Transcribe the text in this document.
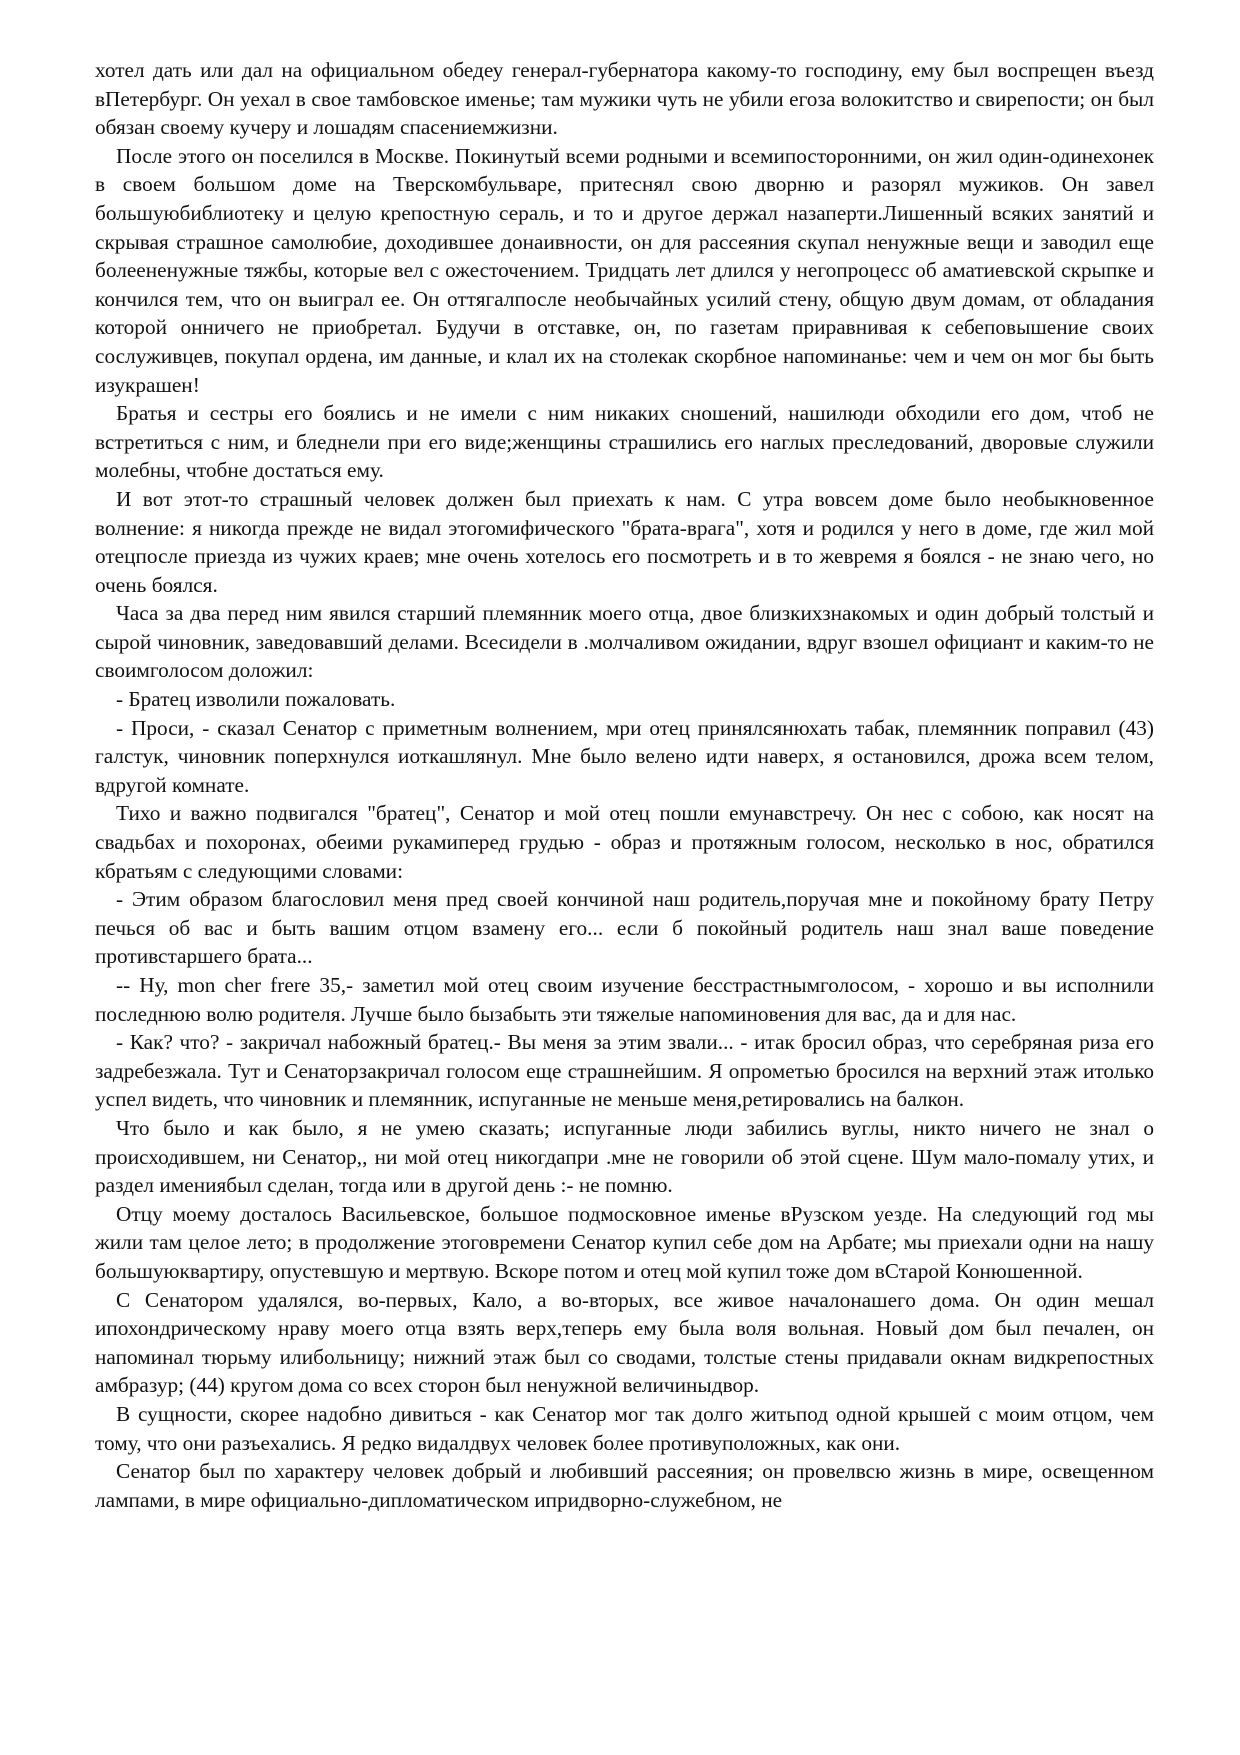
хотел дать или дал на официальном обедеу генерал-губернатора какому-то господину, ему был воспрещен въезд вПетербург. Он уехал в свое тамбовское именье; там мужики чуть не убили егоза волокитство и свирепости; он был обязан своему кучеру и лошадям спасениемжизни.

После этого он поселился в Москве. Покинутый всеми родными и всемипосторонними, он жил один-одинехонек в своем большом доме на Тверскомбульваре, притеснял свою дворню и разорял мужиков. Он завел большуюбиблиотеку и целую крепостную сераль, и то и другое держал назаперти.Лишенный всяких занятий и скрывая страшное самолюбие, доходившее донаивности, он для рассеяния скупал ненужные вещи и заводил еще болеененужные тяжбы, которые вел с ожесточением. Тридцать лет длился у негопроцесс об аматиевской скрыпке и кончился тем, что он выиграл ее. Он оттягалпосле необычайных усилий стену, общую двум домам, от обладания которой онничего не приобретал. Будучи в отставке, он, по газетам приравнивая к себеповышение своих сослуживцев, покупал ордена, им данные, и клал их на столекак скорбное напоминанье: чем и чем он мог бы быть изукрашен!

Братья и сестры его боялись и не имели с ним никаких сношений, нашилюди обходили его дом, чтоб не встретиться с ним, и бледнели при его виде;женщины страшились его наглых преследований, дворовые служили молебны, чтобне достаться ему.

И вот этот-то страшный человек должен был приехать к нам. С утра вовсем доме было необыкновенное волнение: я никогда прежде не видал этогомифического "брата-врага", хотя и родился у него в доме, где жил мой отецпосле приезда из чужих краев; мне очень хотелось его посмотреть и в то жевремя я боялся - не знаю чего, но очень боялся.

Часа за два перед ним явился старший племянник моего отца, двое близкихзнакомых и один добрый толстый и сырой чиновник, заведовавший делами. Всесидели в .молчаливом ожидании, вдруг взошел официант и каким-то не своимголосом доложил:

- Братец изволили пожаловать.

- Проси, - сказал Сенатор с приметным волнением, мри отец принялсянюхать табак, племянник поправил (43) галстук, чиновник поперхнулся иоткашлянул. Мне было велено идти наверх, я остановился, дрожа всем телом, вдругой комнате.

Тихо и важно подвигался "братец", Сенатор и мой отец пошли емунавстречу. Он нес с собою, как носят на свадьбах и похоронах, обеими рукамиперед грудью - образ и протяжным голосом, несколько в нос, обратился кбратьям с следующими словами:

- Этим образом благословил меня пред своей кончиной наш родитель,поручая мне и покойному брату Петру печься об вас и быть вашим отцом взамену его... если б покойный родитель наш знал ваше поведение противстаршего брата...

-- Ну, mon cher frere 35,- заметил мой отец своим изучение бесстрастнымголосом, - хорошо и вы исполнили последнюю волю родителя. Лучше было бызабыть эти тяжелые напоминовения для вас, да и для нас.

- Как? что? - закричал набожный братец.- Вы меня за этим звали... - итак бросил образ, что серебряная риза его задребезжала. Тут и Сенаторзакричал голосом еще страшнейшим. Я опрометью бросился на верхний этаж итолько успел видеть, что чиновник и племянник, испуганные не меньше меня,ретировались на балкон.

Что было и как было, я не умею сказать; испуганные люди забились вуглы, никто ничего не знал о происходившем, ни Сенатор,, ни мой отец никогдапри .мне не говорили об этой сцене. Шум мало-помалу утих, и раздел имениябыл сделан, тогда или в другой день :- не помню.

Отцу моему досталось Васильевское, большое подмосковное именье вРузском уезде. На следующий год мы жили там целое лето; в продолжение этоговремени Сенатор купил себе дом на Арбате; мы приехали одни на нашу большуюквартиру, опустевшую и мертвую. Вскоре потом и отец мой купил тоже дом вСтарой Конюшенной.

С Сенатором удалялся, во-первых, Кало, а во-вторых, все живое началонашего дома. Он один мешал ипохондрическому нраву моего отца взять верх,теперь ему была воля вольная. Новый дом был печален, он напоминал тюрьму илибольницу; нижний этаж был со сводами, толстые стены придавали окнам видкрепостных амбразур; (44) кругом дома со всех сторон был ненужной величиныдвор.

В сущности, скорее надобно дивиться - как Сенатор мог так долго житьпод одной крышей с моим отцом, чем тому, что они разъехались. Я редко видалдвух человек более противуположных, как они.

Сенатор был по характеру человек добрый и любивший рассеяния; он провелвсю жизнь в мире, освещенном лампами, в мире официально-дипломатическом ипридворно-служебном, не
